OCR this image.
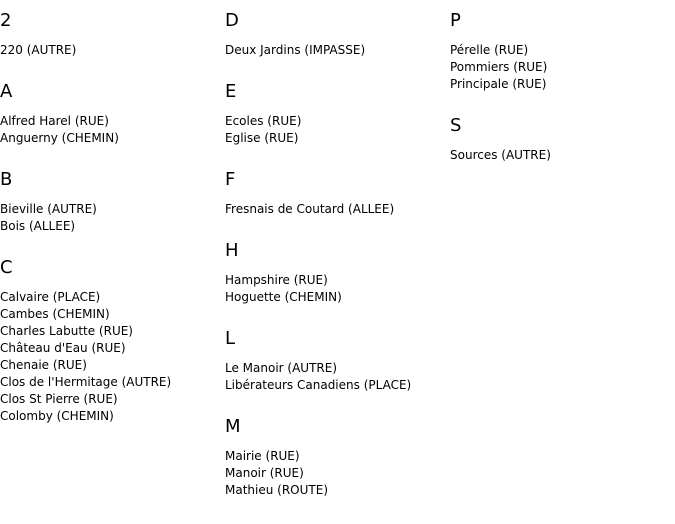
2
220 (AUTRE)
A
Alfred Harel (RUE)
Anguerny (CHEMIN)
B
Bieville (AUTRE)
Bois (ALLEE)
C
Calvaire (PLACE)
Cambes (CHEMIN)
Charles Labutte (RUE)
Château d'Eau (RUE)
Chenaie (RUE)
Clos de l'Hermitage (AUTRE)
Clos St Pierre (RUE)
Colomby (CHEMIN)
D
Deux Jardins (IMPASSE)
E
Ecoles (RUE)
Eglise (RUE)
F
Fresnais de Coutard (ALLEE)
H
Hampshire (RUE)
Hoguette (CHEMIN)
L
Le Manoir (AUTRE)
Libérateurs Canadiens (PLACE)
M
Mairie (RUE)
Manoir (RUE)
Mathieu (ROUTE)
P
Pérelle (RUE)
Pommiers (RUE)
Principale (RUE)
S
Sources (AUTRE)
